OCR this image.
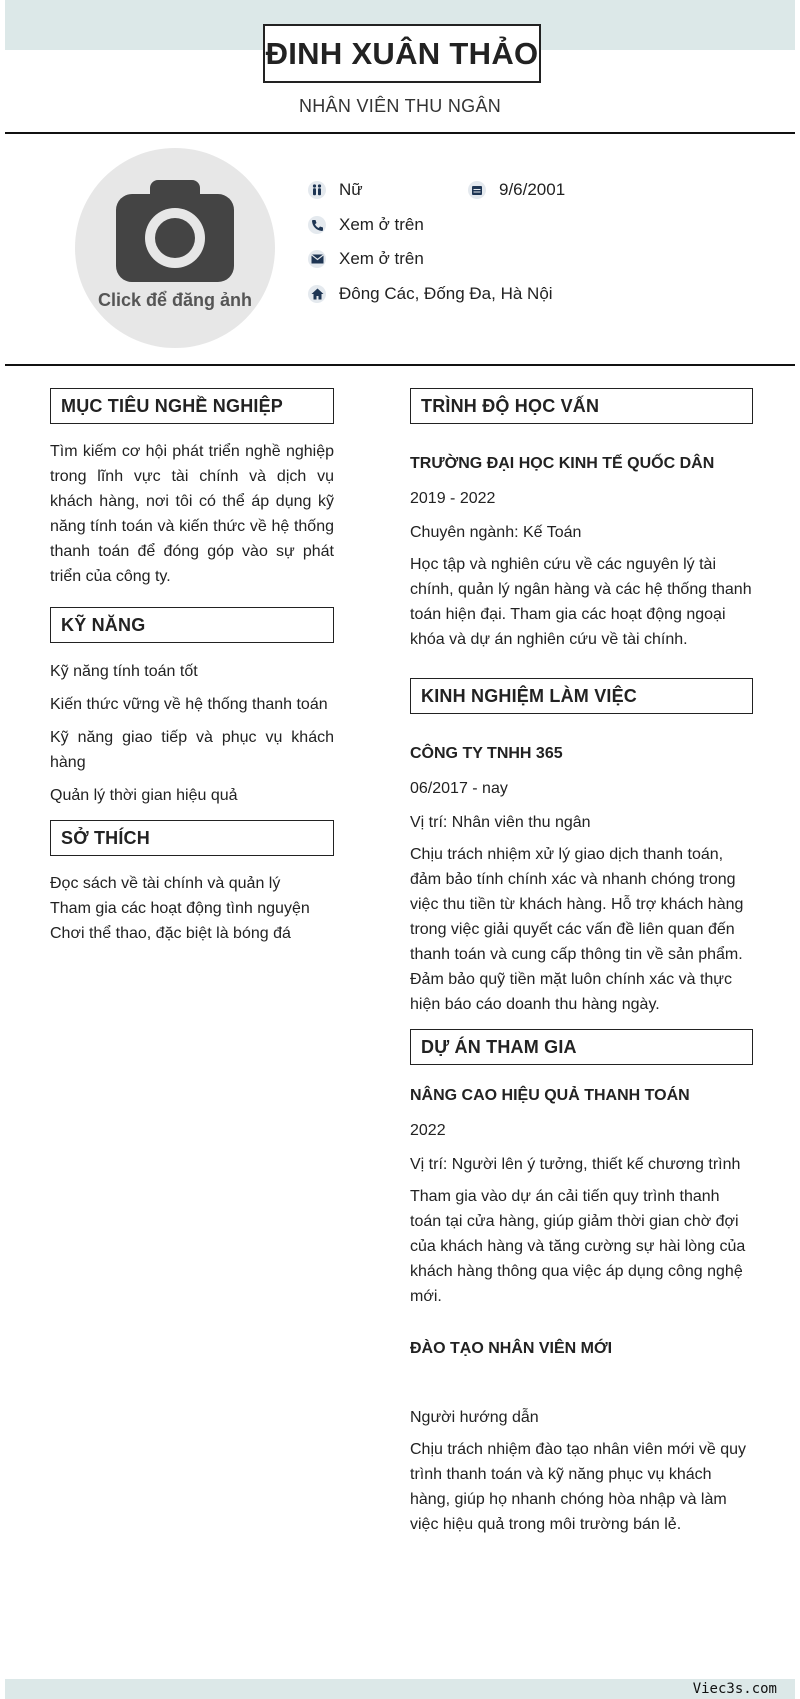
ĐINH XUÂN THẢO
NHÂN VIÊN THU NGÂN
Click để đăng ảnh
Nữ	9/6/2001
Xem ở trên
Xem ở trên
Đông Các, Đống Đa, Hà Nội
MỤC TIÊU NGHỀ NGHIỆP
Tìm kiếm cơ hội phát triển nghề nghiệp trong lĩnh vực tài chính và dịch vụ khách hàng, nơi tôi có thể áp dụng kỹ năng tính toán và kiến thức về hệ thống thanh toán để đóng góp vào sự phát triển của công ty.
KỸ NĂNG
Kỹ năng tính toán tốt
Kiến thức vững về hệ thống thanh toán
Kỹ năng giao tiếp và phục vụ khách hàng
Quản lý thời gian hiệu quả
SỞ THÍCH
Đọc sách về tài chính và quản lý
Tham gia các hoạt động tình nguyện
Chơi thể thao, đặc biệt là bóng đá
TRÌNH ĐỘ HỌC VẤN
TRƯỜNG ĐẠI HỌC KINH TẾ QUỐC DÂN
2019 - 2022
Chuyên ngành: Kế Toán
Học tập và nghiên cứu về các nguyên lý tài chính, quản lý ngân hàng và các hệ thống thanh toán hiện đại. Tham gia các hoạt động ngoại khóa và dự án nghiên cứu về tài chính.
KINH NGHIỆM LÀM VIỆC
CÔNG TY TNHH 365
06/2017 - nay
Vị trí: Nhân viên thu ngân
Chịu trách nhiệm xử lý giao dịch thanh toán, đảm bảo tính chính xác và nhanh chóng trong việc thu tiền từ khách hàng. Hỗ trợ khách hàng trong việc giải quyết các vấn đề liên quan đến thanh toán và cung cấp thông tin về sản phẩm. Đảm bảo quỹ tiền mặt luôn chính xác và thực hiện báo cáo doanh thu hàng ngày.
DỰ ÁN THAM GIA
NÂNG CAO HIỆU QUẢ THANH TOÁN
2022
Vị trí: Người lên ý tưởng, thiết kế chương trình
Tham gia vào dự án cải tiến quy trình thanh toán tại cửa hàng, giúp giảm thời gian chờ đợi của khách hàng và tăng cường sự hài lòng của khách hàng thông qua việc áp dụng công nghệ mới.
ĐÀO TẠO NHÂN VIÊN MỚI
Người hướng dẫn
Chịu trách nhiệm đào tạo nhân viên mới về quy trình thanh toán và kỹ năng phục vụ khách hàng, giúp họ nhanh chóng hòa nhập và làm việc hiệu quả trong môi trường bán lẻ.
Viec3s.com
